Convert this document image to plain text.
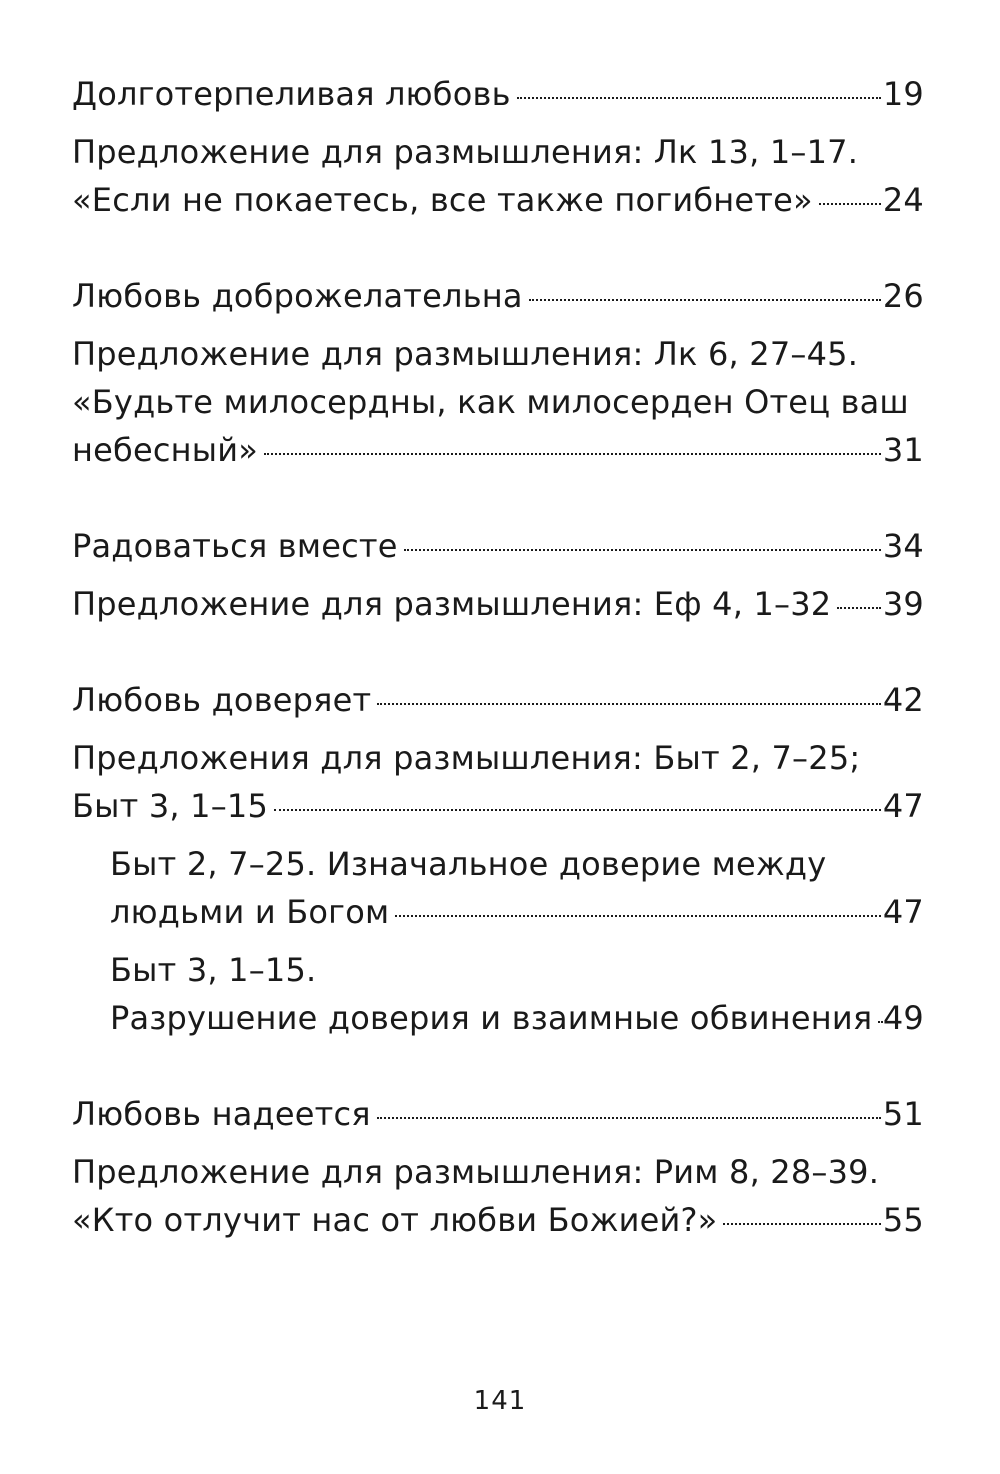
Долготерпеливая любовь	19
Предложение для размышления: Лк 13, 1–17.
«Если не покаетесь, все также погибнете» 24
Любовь доброжелательна	26
Предложение для размышления: Лк 6, 27–45.
«Будьте милосердны, как милосерден Отец ваш
небесный»	31
Радоваться вместе	34
Предложение для размышления: Еф 4, 1–32 39
Любовь доверяет	42
Предложения для размышления: Быт 2, 7–25;
Быт 3, 1–15	47
Быт 2, 7–25. Изначальное доверие между
людьми и Богом	47
Быт 3, 1–15.
Разрушение доверия и взаимные обвинения 49
Любовь надеется	51
Предложение для размышления: Рим 8, 28–39.
«Кто отлучит нас от любви Божией?»	55
141
